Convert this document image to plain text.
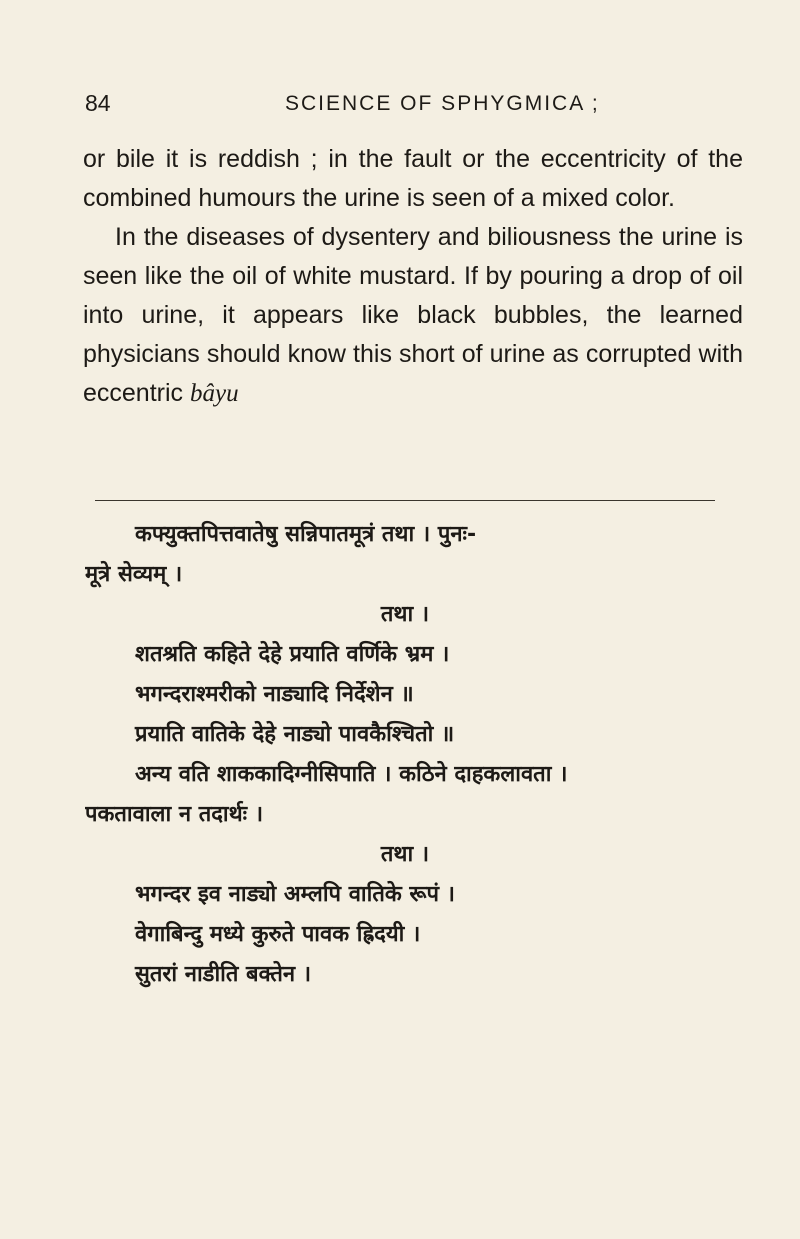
84	SCIENCE OF SPHYGMICA ;

or bile it is reddish ; in the fault or the eccentricity of the combined humours the urine is seen of a mixed color.

In the diseases of dysentery and biliousness the urine is seen like the oil of white mustard. If by pouring a drop of oil into urine, it appears like black bubbles, the learned physicians should know this short of urine as corrupted with eccentric bâyu

कफ्युक्तपित्तवातेषु सन्निपातमूत्रं तथा । पुनः-
मूत्रे सेव्यम् ।
तथा ।
शतश्रति कहिते देहे प्रयाति वर्णिके भ्रम ।
भगन्दराश्मरीको नाड्यादि निर्देशेन ॥
प्रयाति वातिके देहे नाड्यो पावकैश्चितो ॥
अन्य वति शाककादिग्नीसिपाति । कठिने दाहकलावता ।
पकतावाला न तदार्थः ।
तथा ।
भगन्दर इव नाड्यो अम्लपि वातिके रूपं ।
वेगाबिन्दु मध्ये कुरुते पावक ह्रिदयी ।
सुतरां नाडीति बक्तेन ।
